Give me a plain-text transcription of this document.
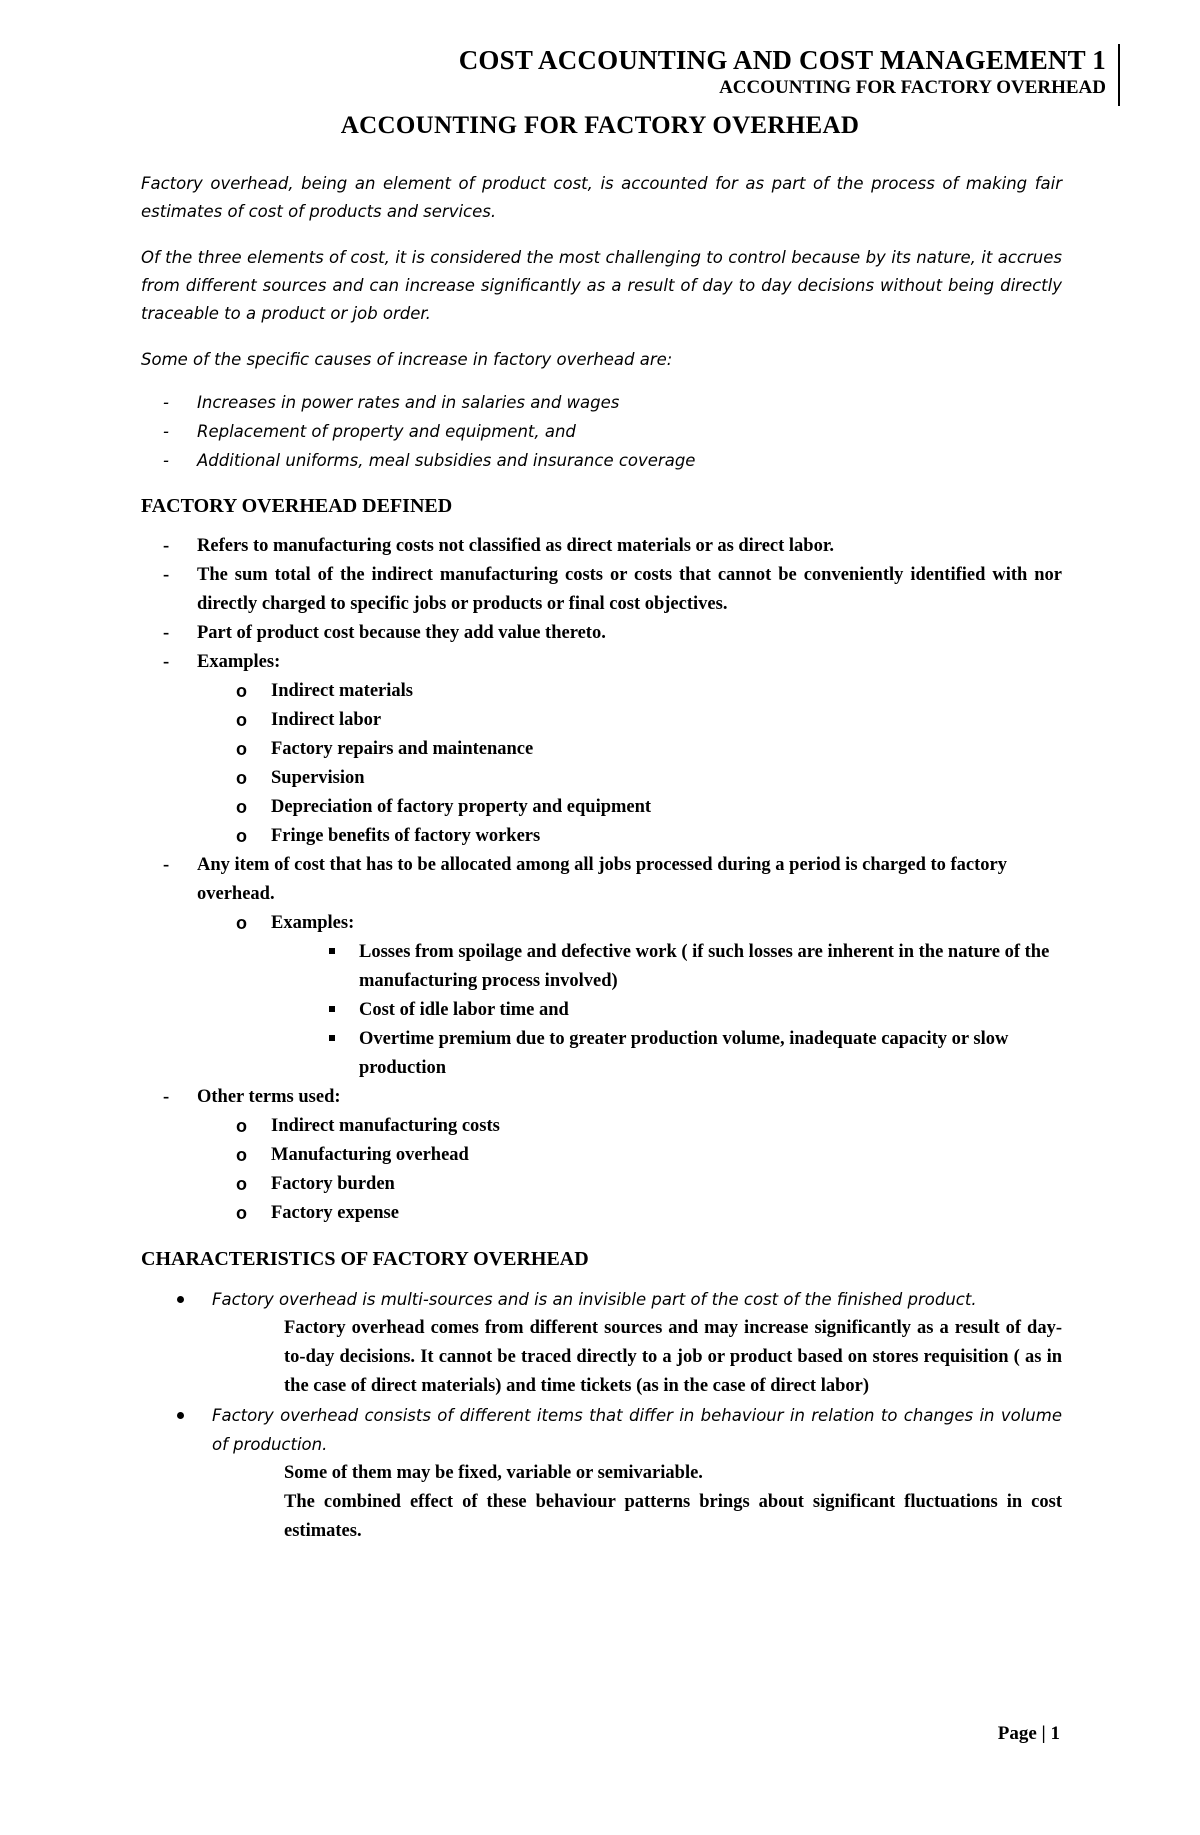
COST ACCOUNTING AND COST MANAGEMENT 1
ACCOUNTING FOR FACTORY OVERHEAD
ACCOUNTING FOR FACTORY OVERHEAD

Factory overhead, being an element of product cost, is accounted for as part of the process of making fair estimates of cost of products and services.

Of the three elements of cost, it is considered the most challenging to control because by its nature, it accrues from different sources and can increase significantly as a result of day to day decisions without being directly traceable to a product or job order.

Some of the specific causes of increase in factory overhead are:

- Increases in power rates and in salaries and wages
- Replacement of property and equipment, and
- Additional uniforms, meal subsidies and insurance coverage
FACTORY OVERHEAD DEFINED
- Refers to manufacturing costs not classified as direct materials or as direct labor.
- The sum total of the indirect manufacturing costs or costs that cannot be conveniently identified with nor directly charged to specific jobs or products or final cost objectives.
- Part of product cost because they add value thereto.
- Examples:
o Indirect materials
o Indirect labor
o Factory repairs and maintenance
o Supervision
o Depreciation of factory property and equipment
o Fringe benefits of factory workers
- Any item of cost that has to be allocated among all jobs processed during a period is charged to factory overhead.
o Examples:
Losses from spoilage and defective work ( if such losses are inherent in the nature of the manufacturing process involved)
Cost of idle labor time and
Overtime premium due to greater production volume, inadequate capacity or slow production
- Other terms used:
o Indirect manufacturing costs
o Manufacturing overhead
o Factory burden
o Factory expense
CHARACTERISTICS OF FACTORY OVERHEAD
Factory overhead is multi-sources and is an invisible part of the cost of the finished product.
Factory overhead comes from different sources and may increase significantly as a result of day-to-day decisions. It cannot be traced directly to a job or product based on stores requisition ( as in the case of direct materials) and time tickets (as in the case of direct labor)
Factory overhead consists of different items that differ in behaviour in relation to changes in volume of production.
Some of them may be fixed, variable or semivariable.
The combined effect of these behaviour patterns brings about significant fluctuations in cost estimates.
Page | 1
